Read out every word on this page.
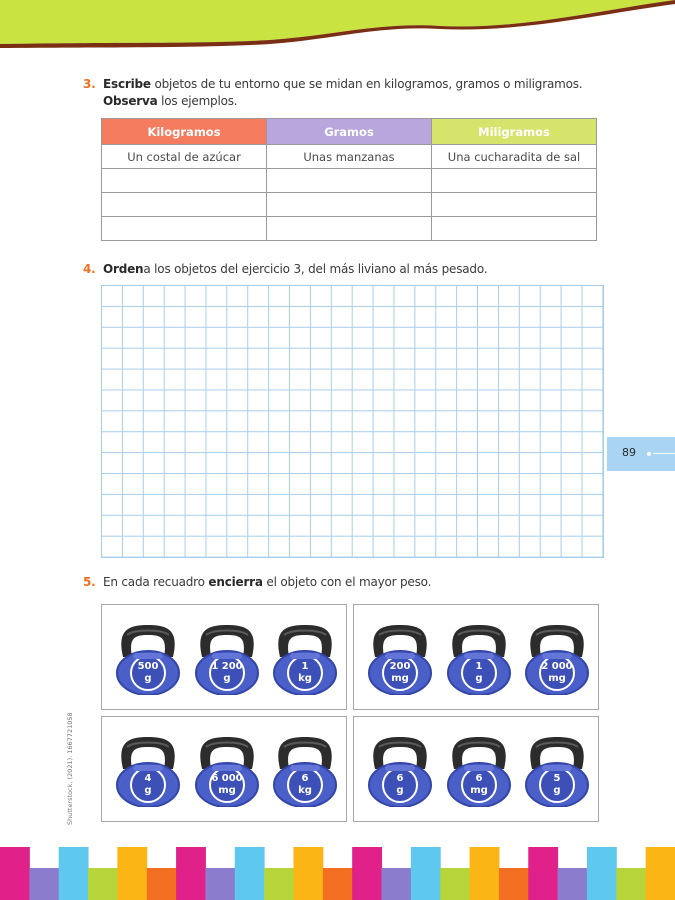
3. Escribe objetos de tu entorno que se midan en kilogramos, gramos o miligramos.
Observa los ejemplos.
Kilogramos	Gramos	Miligramos
Un costal de azúcar	Unas manzanas	Una cucharadita de sal

4. Ordena los objetos del ejercicio 3, del más liviano al más pesado.
89
5. En cada recuadro encierra el objeto con el mayor peso.
500
g
1 200
g
1
kg
200
mg
1
g
2 000
mg
4
g
6 000
mg
6
kg
6
g
6
mg
5
g
Shutterstock, (2021). 1667721058
